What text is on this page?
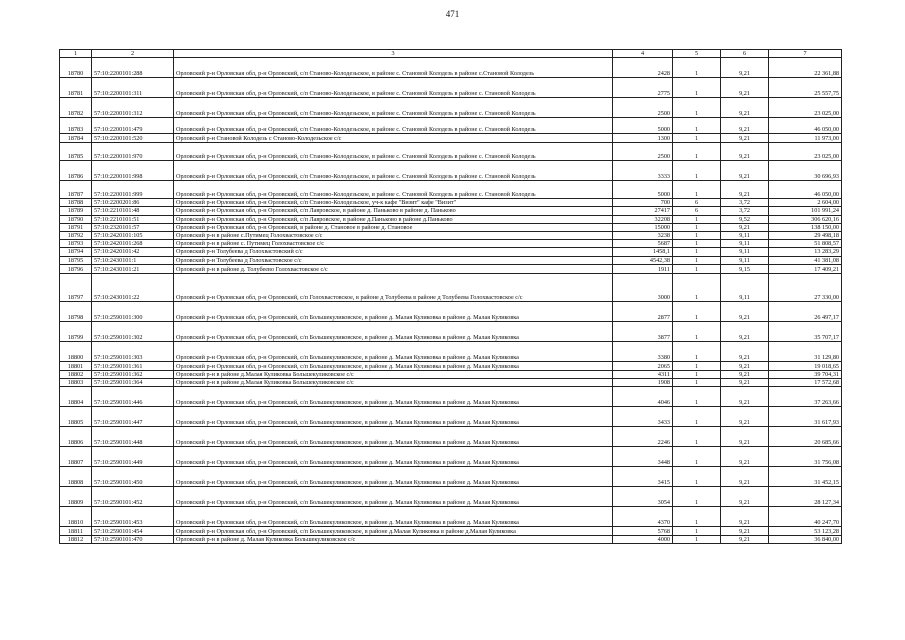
471
1	2	3	4	5	6	7
18780	57:10:2200101:288	Орловский р-н Орловская обл, р-н Орловский, с/п Станово-Колодезьское, в районе с. Становой Колодезь в районе с.Становой Колодезь	2428	1	9,21	22 361,88
18781	57:10:2200101:311	Орловский р-н Орловская обл, р-н Орловский, с/п Станово-Колодезьское, в районе с. Становой Колодезь в районе с. Становой Колодезь	2775	1	9,21	25 557,75
18782	57:10:2200101:312	Орловский р-н Орловская обл, р-н Орловский, с/п Станово-Колодезьское, в районе с. Становой Колодезь в районе с. Становой Колодезь	2500	1	9,21	23 025,00
18783	57:10:2200101:479	Орловский р-н Орловская обл, р-н Орловский, с/п Станово-Колодезьское, в районе с. Становой Колодезь в районе с. Становой Колодезь	5000	1	9,21	46 050,00
18784	57:10:2200101:520	Орловский р-н Становой Колодезь с Станово-Колодезьское с/с	1300	1	9,21	11 973,00
18785	57:10:2200101:970	Орловский р-н Орловская обл, р-н Орловский, с/п Станово-Колодезьское, в районе с. Становой Колодезь в районе с. Становой Колодезь	2500	1	9,21	23 025,00
18786	57:10:2200101:998	Орловский р-н Орловская обл, р-н Орловский, с/п Станово-Колодезьское, в районе с. Становой Колодезь в районе с. Становой Колодезь	3333	1	9,21	30 696,93
18787	57:10:2200101:999	Орловский р-н Орловская обл, р-н Орловский, с/п Станово-Колодезьское, в районе с. Становой Колодезь в районе с. Становой Колодезь	5000	1	9,21	46 050,00
18788	57:10:2200201:86	Орловский р-н Орловская обл, р-н Орловский, с/п Станово-Колодезьское, уч-к кафе "Визит" кафе "Визит"	700	6	3,72	2 604,00
18789	57:10:2210101:48	Орловский р-н Орловская обл, р-н Орловский, с/п Лавровское, в районе д. Паньково в районе д. Паньково	27417	6	3,72	101 991,24
18790	57:10:2210101:51	Орловский р-н Орловская обл, р-н Орловский, с/п Лавровское, в районе д.Паньково в районе д.Паньково	32208	1	9,52	306 620,16
18791	57:10:2320101:57	Орловский р-н Орловская обл, р-н Орловский, в районе д. Становое в районе д. Становое	15000	1	9,21	138 150,00
18792	57:10:2420101:105	Орловский р-н в районе с.Путимец Голохвастовское с/с	3238	1	9,11	29 498,18
18793	57:10:2420101:268	Орловский р-н в районе с. Путимец Голохвастовское с/с	5687	1	9,11	51 808,57
18794	57:10:2420101:42	Орловский р-н Толубеева д Голохвастовский с/с	1458,1	1	9,11	13 283,29
18795	57:10:2430101:1	Орловский р-н Толубеева д Голохвастовское с/с	4542,38	1	9,11	41 381,08
18796	57:10:2430101:21	Орловский р-н в районе д. Толубеево Голохвастовское с/с	1911	1	9,15	17 409,21
18797	57:10:2430101:22	Орловский р-н Орловская обл, р-н Орловский, с/п Голохвастовское, в районе д Толубеева в районе д Толубеева Голохвастовское с/с	3000	1	9,11	27 330,00
18798	57:10:2590101:300	Орловский р-н Орловская обл, р-н Орловский, с/п Большекуликовское, в районе д. Малая Куликовка в районе д. Малая Куликовка	2877	1	9,21	26 497,17
18799	57:10:2590101:302	Орловский р-н Орловская обл, р-н Орловский, с/п Большекуликовское, в районе д. Малая Куликовка в районе д. Малая Куликовка	3877	1	9,21	35 707,17
18800	57:10:2590101:303	Орловский р-н Орловская обл, р-н Орловский, с/п Большекуликовское, в районе д. Малая Куликовка в районе д. Малая Куликовка	3380	1	9,21	31 129,80
18801	57:10:2590101:361	Орловский р-н Орловская обл, р-н Орловский, с/п Большекуликовское, в районе д. Малая Куликовка в районе д. Малая Куликовка	2065	1	9,21	19 018,65
18802	57:10:2590101:362	Орловский р-н в районе д.Малая Куликовка Большекуликовское с/с	4311	1	9,21	39 704,31
18803	57:10:2590101:364	Орловский р-н в районе д.Малая Куликовка Большекуликовское с/с	1908	1	9,21	17 572,68
18804	57:10:2590101:446	Орловский р-н Орловская обл, р-н Орловский, с/п Большекуликовское, в районе д. Малая Куликовка в районе д. Малая Куликовка	4046	1	9,21	37 263,66
18805	57:10:2590101:447	Орловский р-н Орловская обл, р-н Орловский, с/п Большекуликовское, в районе д. Малая Куликовка в районе д. Малая Куликовка	3433	1	9,21	31 617,93
18806	57:10:2590101:448	Орловский р-н Орловская обл, р-н Орловский, с/п Большекуликовское, в районе д. Малая Куликовка в районе д. Малая Куликовка	2246	1	9,21	20 685,66
18807	57:10:2590101:449	Орловский р-н Орловская обл, р-н Орловский, с/п Большекуликовское, в районе д. Малая Куликовка в районе д. Малая Куликовка	3448	1	9,21	31 756,08
18808	57:10:2590101:450	Орловский р-н Орловская обл, р-н Орловский, с/п Большекуликовское, в районе д. Малая Куликовка в районе д. Малая Куликовка	3415	1	9,21	31 452,15
18809	57:10:2590101:452	Орловский р-н Орловская обл, р-н Орловский, с/п Большекуликовское, в районе д. Малая Куликовка в районе д. Малая Куликовка	3054	1	9,21	28 127,34
18810	57:10:2590101:453	Орловский р-н Орловская обл, р-н Орловский, с/п Большекуликовское, в районе д. Малая Куликовка в районе д. Малая Куликовка	4370	1	9,21	40 247,70
18811	57:10:2590101:454	Орловский р-н Орловская обл, р-н Орловский, с/п Большекуликовское, в районе д.Малая Куликовка в районе д.Малая Куликовка	5768	1	9,21	53 123,28
18812	57:10:2590101:470	Орловский р-н в районе д. Малая Куликовка Большекуликовское с/с	4000	1	9,21	36 840,00
